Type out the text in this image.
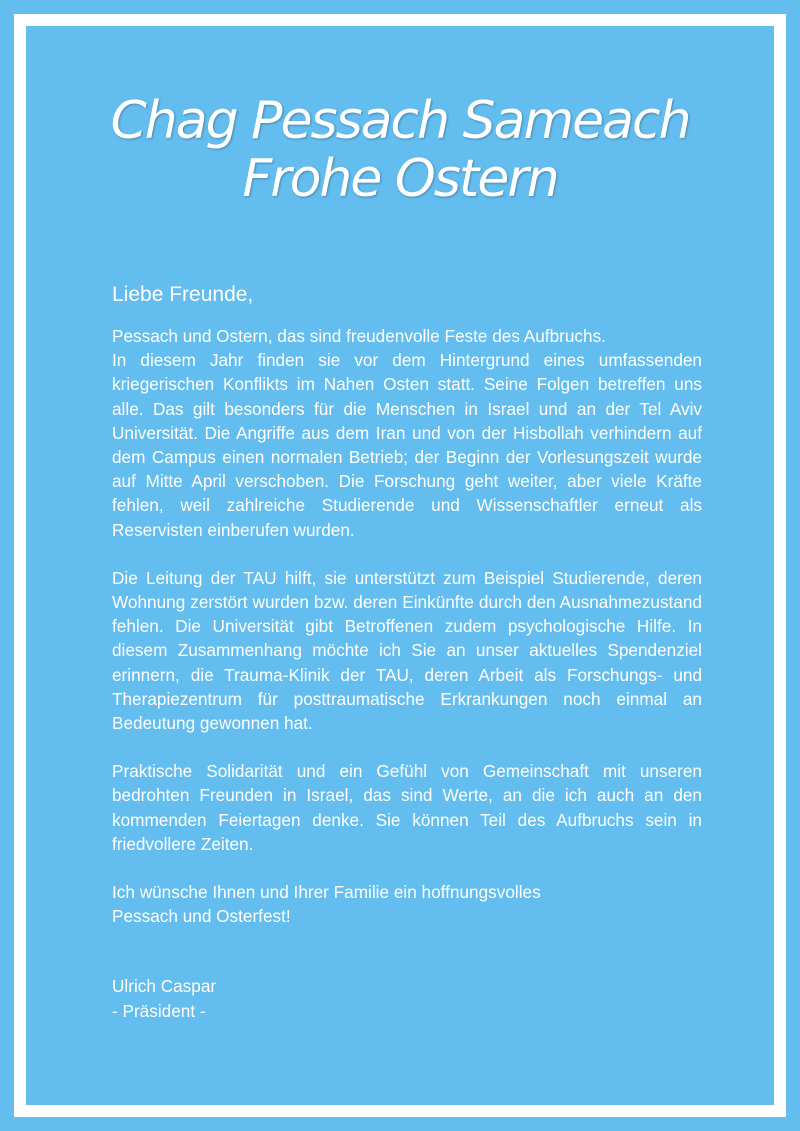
Chag Pessach Sameach
Frohe Ostern
Liebe Freunde,
Pessach und Ostern, das sind freudenvolle Feste des Aufbruchs.
In diesem Jahr finden sie vor dem Hintergrund eines umfassenden kriegerischen Konflikts im Nahen Osten statt. Seine Folgen betreffen uns alle. Das gilt besonders für die Menschen in Israel und an der Tel Aviv Universität. Die Angriffe aus dem Iran und von der Hisbollah verhindern auf dem Campus einen normalen Betrieb; der Beginn der Vorlesungszeit wurde auf Mitte April verschoben. Die Forschung geht weiter, aber viele Kräfte fehlen, weil zahlreiche Studierende und Wissenschaftler erneut als Reservisten einberufen wurden.
Die Leitung der TAU hilft, sie unterstützt zum Beispiel Studierende, deren Wohnung zerstört wurden bzw. deren Einkünfte durch den Ausnahmezustand fehlen. Die Universität gibt Betroffenen zudem psychologische Hilfe. In diesem Zusammenhang möchte ich Sie an unser aktuelles Spendenziel erinnern, die Trauma-Klinik der TAU, deren Arbeit als Forschungs- und Therapiezentrum für posttraumatische Erkrankungen noch einmal an Bedeutung gewonnen hat.
Praktische Solidarität und ein Gefühl von Gemeinschaft mit unseren bedrohten Freunden in Israel, das sind Werte, an die ich auch an den kommenden Feiertagen denke. Sie können Teil des Aufbruchs sein in friedvollere Zeiten.
Ich wünsche Ihnen und Ihrer Familie ein hoffnungsvolles
Pessach und Osterfest!
Ulrich Caspar
- Präsident -
